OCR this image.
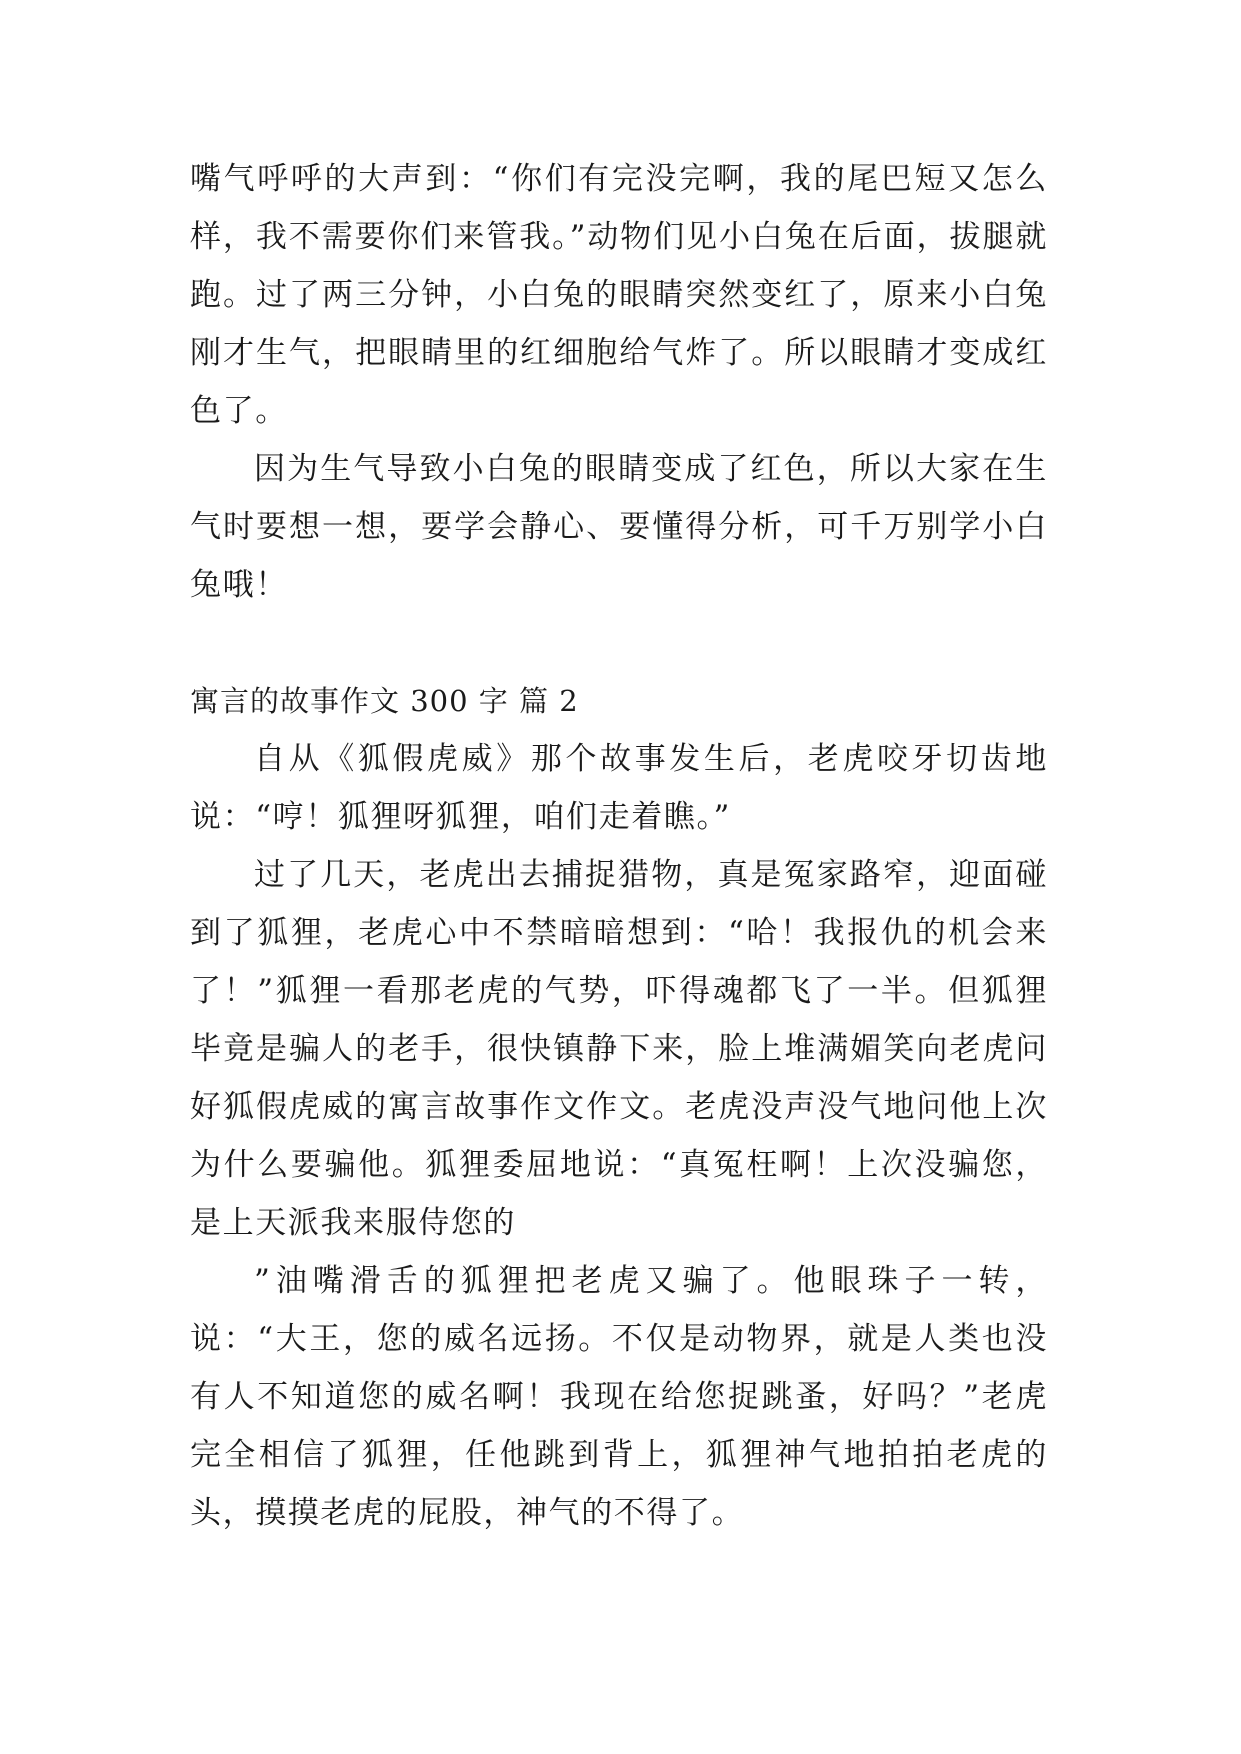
嘴气呼呼的大声到：“你们有完没完啊，我的尾巴短又怎么样，我不需要你们来管我。”动物们见小白兔在后面，拔腿就跑。过了两三分钟，小白兔的眼睛突然变红了，原来小白兔刚才生气，把眼睛里的红细胞给气炸了。所以眼睛才变成红色了。

因为生气导致小白兔的眼睛变成了红色，所以大家在生气时要想一想，要学会静心、要懂得分析，可千万别学小白兔哦！

寓言的故事作文 300 字 篇 2

自从《狐假虎威》那个故事发生后，老虎咬牙切齿地说：“哼！狐狸呀狐狸，咱们走着瞧。”

过了几天，老虎出去捕捉猎物，真是冤家路窄，迎面碰到了狐狸，老虎心中不禁暗暗想到：“哈！我报仇的机会来了！”狐狸一看那老虎的气势，吓得魂都飞了一半。但狐狸毕竟是骗人的老手，很快镇静下来，脸上堆满媚笑向老虎问好狐假虎威的寓言故事作文作文。老虎没声没气地问他上次为什么要骗他。狐狸委屈地说：“真冤枉啊！上次没骗您，是上天派我来服侍您的

”油嘴滑舌的狐狸把老虎又骗了。他眼珠子一转，说：“大王，您的威名远扬。不仅是动物界，就是人类也没有人不知道您的威名啊！我现在给您捉跳蚤，好吗？”老虎完全相信了狐狸，任他跳到背上，狐狸神气地拍拍老虎的头，摸摸老虎的屁股，神气的不得了。
